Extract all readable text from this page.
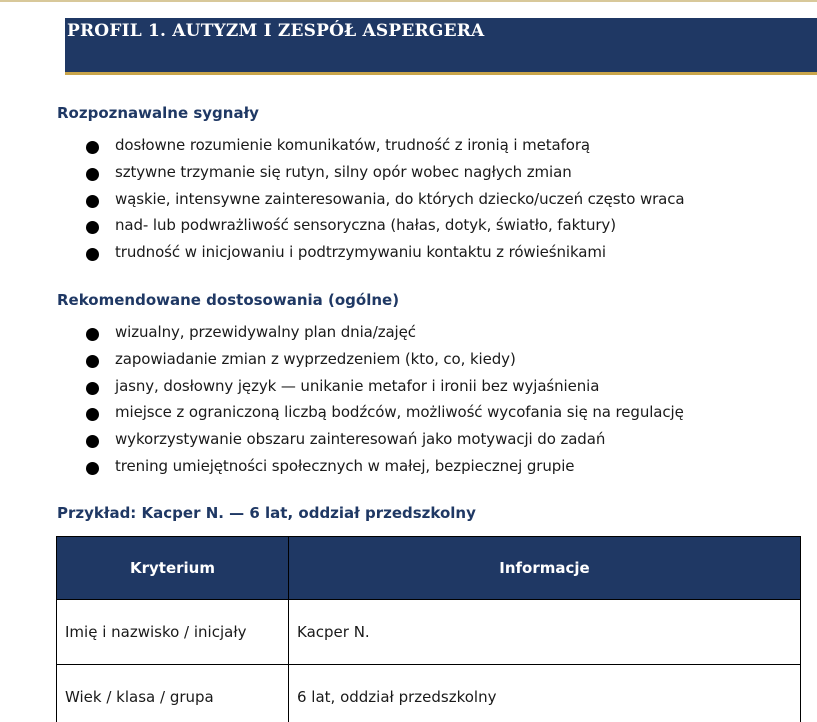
PROFIL 1. AUTYZM I ZESPÓŁ ASPERGERA
Rozpoznawalne sygnały
dosłowne rozumienie komunikatów, trudność z ironią i metaforą
sztywne trzymanie się rutyn, silny opór wobec nagłych zmian
wąskie, intensywne zainteresowania, do których dziecko/uczeń często wraca
nad- lub podwrażliwość sensoryczna (hałas, dotyk, światło, faktury)
trudność w inicjowaniu i podtrzymywaniu kontaktu z rówieśnikami
Rekomendowane dostosowania (ogólne)
wizualny, przewidywalny plan dnia/zajęć
zapowiadanie zmian z wyprzedzeniem (kto, co, kiedy)
jasny, dosłowny język — unikanie metafor i ironii bez wyjaśnienia
miejsce z ograniczoną liczbą bodźców, możliwość wycofania się na regulację
wykorzystywanie obszaru zainteresowań jako motywacji do zadań
trening umiejętności społecznych w małej, bezpiecznej grupie
Przykład: Kacper N. — 6 lat, oddział przedszkolny
Kryterium	Informacje
Imię i nazwisko / inicjały	Kacper N.
Wiek / klasa / grupa	6 lat, oddział przedszkolny
